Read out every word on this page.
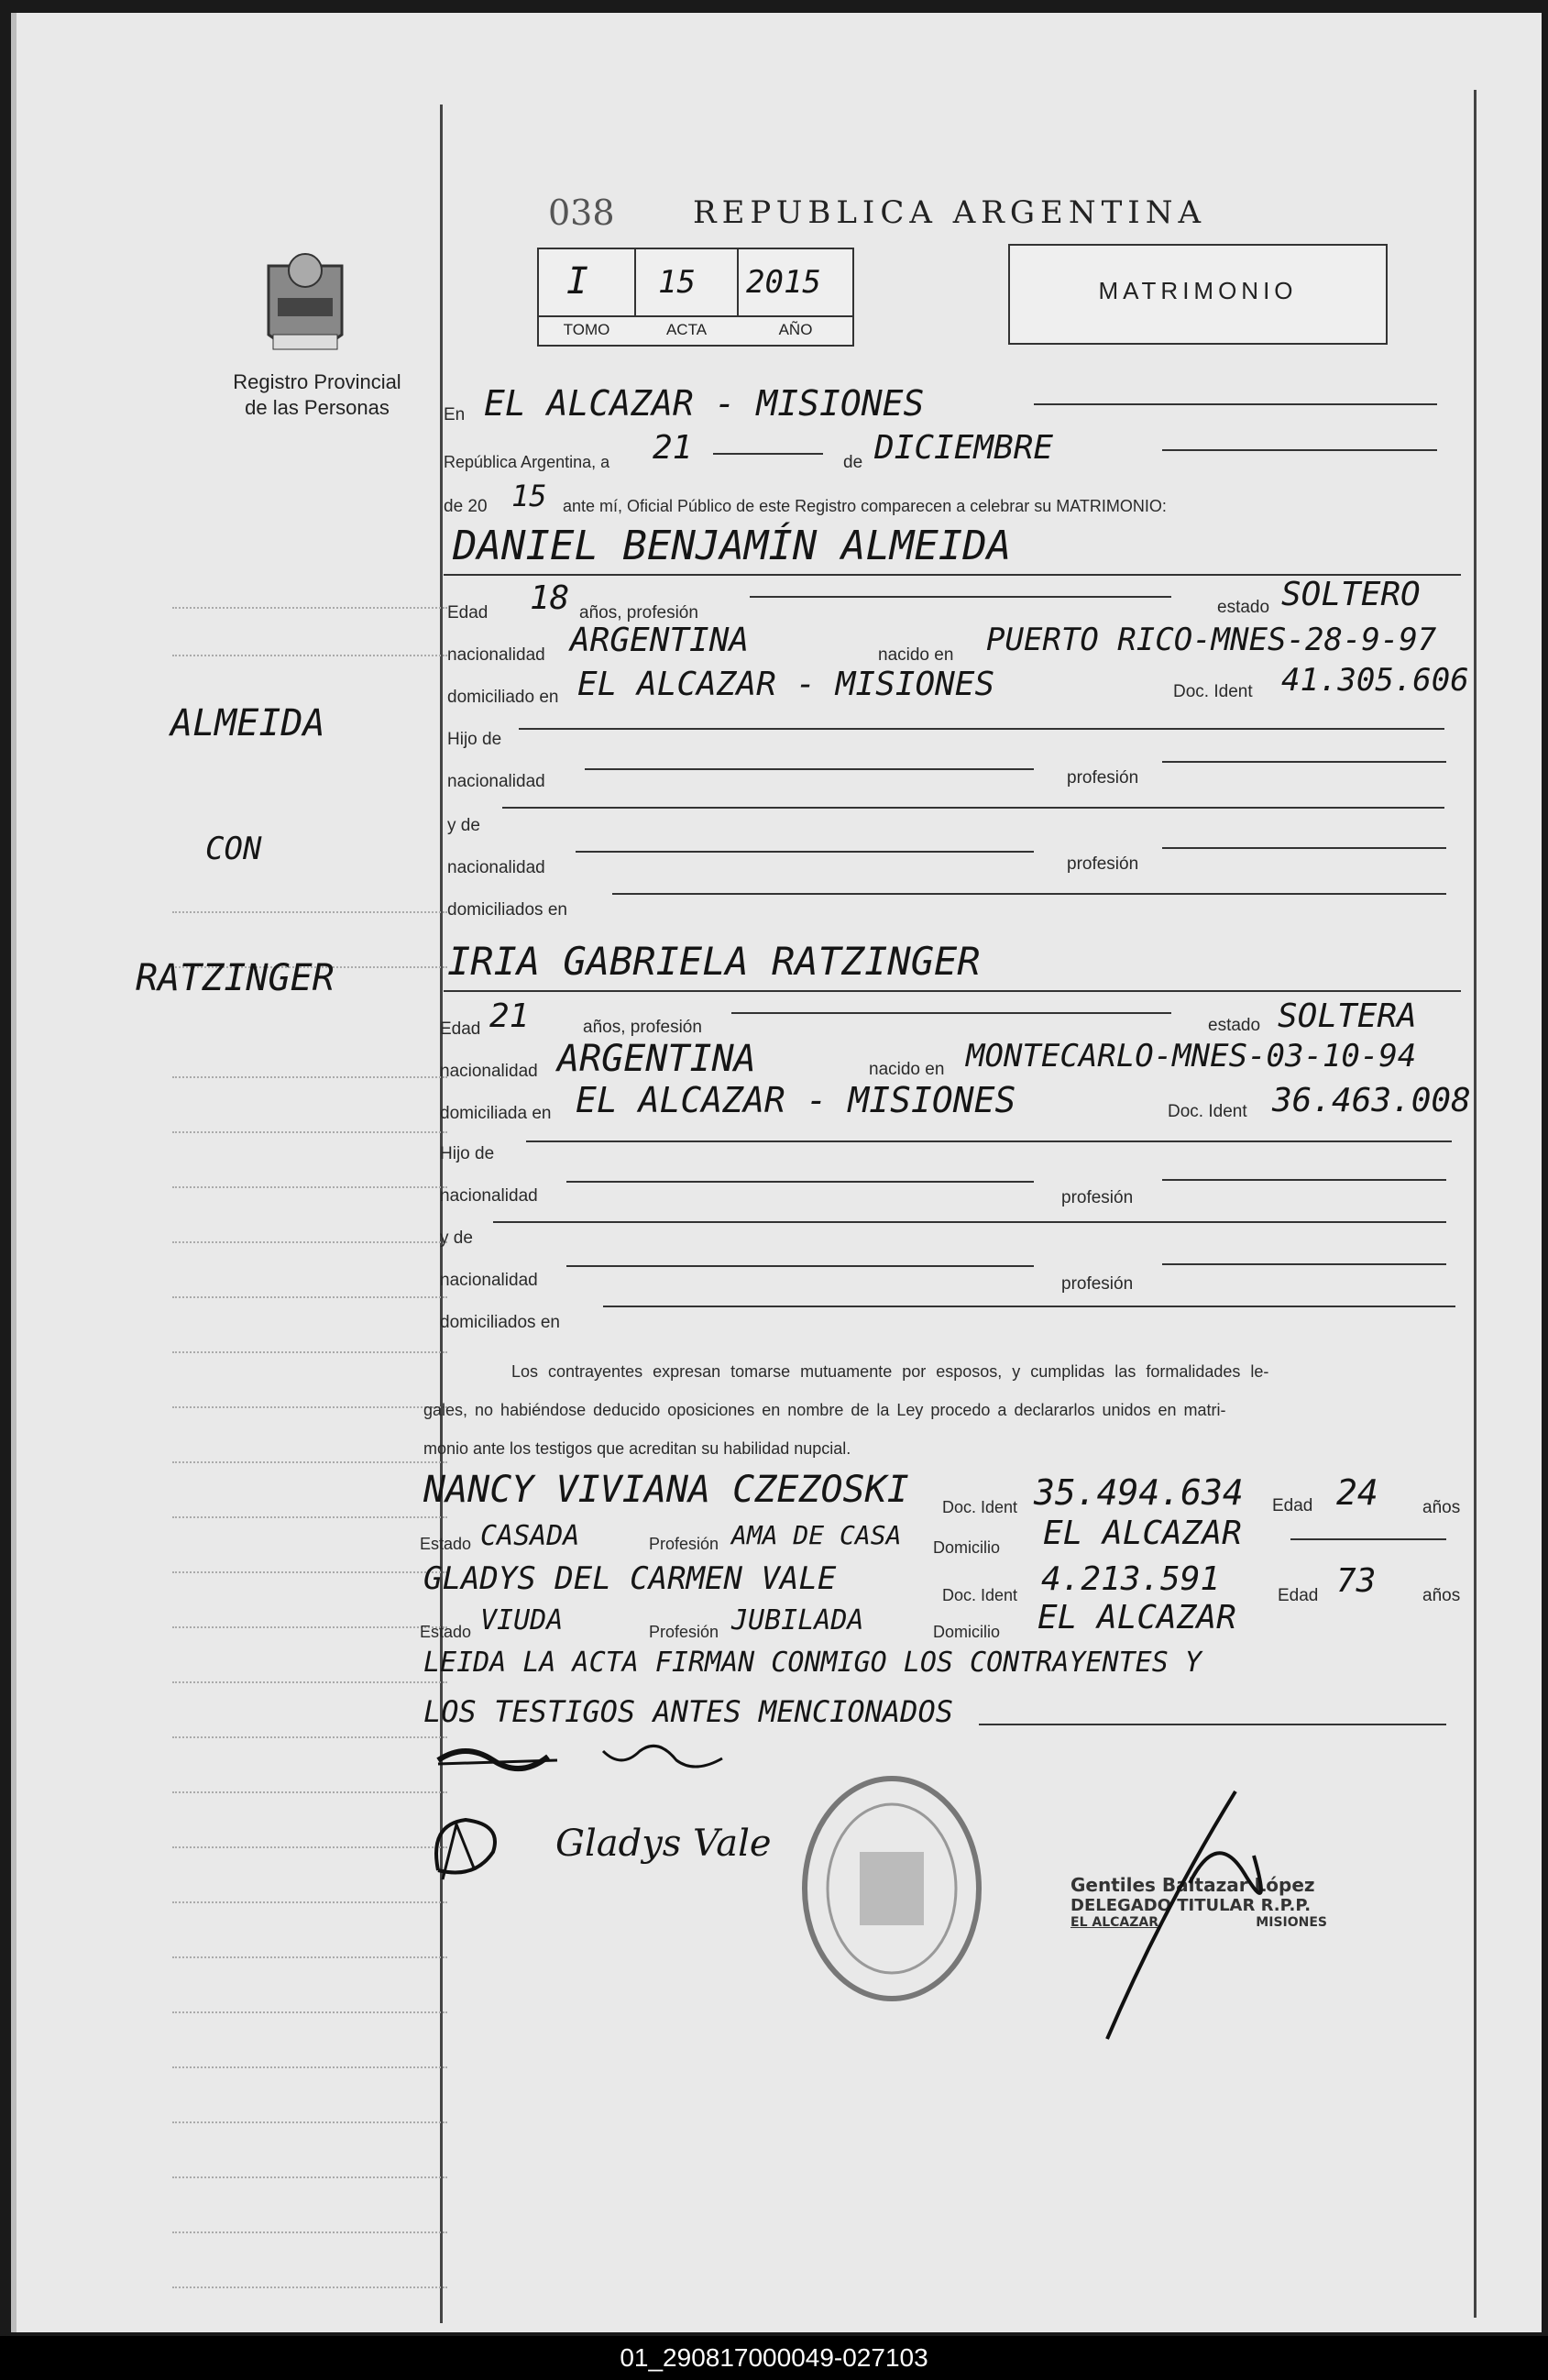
038	REPUBLICA ARGENTINA
Registro Provincial
de las Personas
I 15 2015
TOMO	ACTA	AÑO
MATRIMONIO
ALMEIDA
CON
RATZINGER
En EL ALCAZAR - MISIONES
República Argentina, a 21	de DICIEMBRE
de 20 15 ante mí, Oficial Público de este Registro comparecen a celebrar su MATRIMONIO:
DANIEL BENJAMÍN ALMEIDA
Edad 18 años, profesión	estado SOLTERO
nacionalidad ARGENTINA	nacido en PUERTO RICO-MNES-28-9-97
domiciliado en EL ALCAZAR - MISIONES	Doc. Ident 41.305.606
Hijo de
nacionalidad	profesión
y de
nacionalidad	profesión
domiciliados en
IRIA GABRIELA RATZINGER
Edad 21	años, profesión	estado SOLTERA
nacionalidad ARGENTINA	nacido en MONTECARLO-MNES-03-10-94
domiciliada en EL ALCAZAR - MISIONES	Doc. Ident 36.463.008
Hijo de
nacionalidad	profesión
y de
nacionalidad	profesión
domiciliados en
Los contrayentes expresan tomarse mutuamente por esposos, y cumplidas las formalidades le-
gales, no habiéndose deducido oposiciones en nombre de la Ley procedo a declararlos unidos en matri-
monio ante los testigos que acreditan su habilidad nupcial.
NANCY VIVIANA CZEZOSKI Doc. Ident 35.494.634 Edad 24	años
Estado CASADA	Profesión AMA DE CASA Domicilio EL ALCAZAR
GLADYS DEL CARMEN VALE	Doc. Ident 4.213.591	Edad 73	años
Estado VIUDA	Profesión JUBILADA	Domicilio EL ALCAZAR
LEIDA LA ACTA FIRMAN CONMIGO LOS CONTRAYENTES Y
LOS TESTIGOS ANTES MENCIONADOS
Gladys Vale
Gentiles Baltazar López
DELEGADO TITULAR R.P.P.
EL ALCAZAR	MISIONES
01_290817000049-027103
